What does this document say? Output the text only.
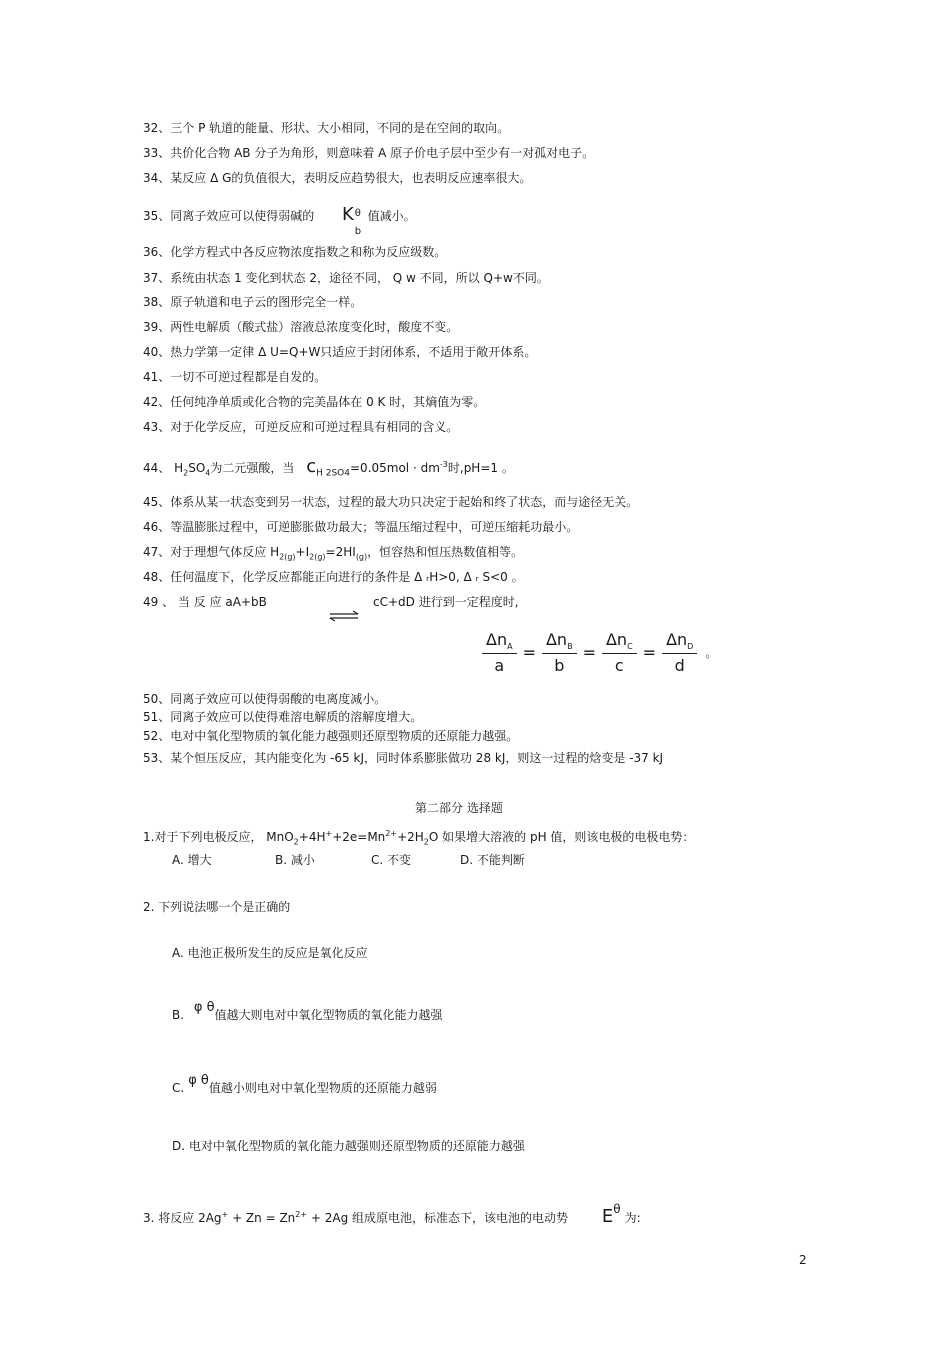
32、三个 P 轨道的能量、形状、大小相同，不同的是在空间的取向。
33、共价化合物 AB 分子为角形，则意味着 A 原子价电子层中至少有一对孤对电子。
34、某反应 Δ G的负值很大，表明反应趋势很大，也表明反应速率很大。
35、同离子效应可以使得弱碱的 K θ
b
值减小。
36、化学方程式中各反应物浓度指数之和称为反应级数。
37、系统由状态 1 变化到状态 2，途径不同， Q w 不同，所以 Q+w不同。
38、原子轨道和电子云的图形完全一样。
39、两性电解质（酸式盐）溶液总浓度变化时，酸度不变。
40、热力学第一定律 Δ U=Q+W只适应于封闭体系，不适用于敞开体系。
41、一切不可逆过程都是自发的。
42、任何纯净单质或化合物的完美晶体在 0 K 时，其熵值为零。
43、对于化学反应，可逆反应和可逆过程具有相同的含义。
44、 $H_2SO_4$为二元强酸，当 $c_{H 2SO4}=0.05mol \cdot dm^{-3}$时,pH=1 。
45、体系从某一状态变到另一状态，过程的最大功只决定于起始和终了状态，而与途径无关。
46、等温膨胀过程中，可逆膨胀做功最大；等温压缩过程中，可逆压缩耗功最小。
47、对于理想气体反应 $H_{2(g)}+I_{2(g)}=2HI_{(g)}$，恒容热和恒压热数值相等。
48、任何温度下，化学反应都能正向进行的条件是 Δ ᵣH>0, Δ ᵣ S<0 。
49 、 当 反 应 aA+bB	cC+dD 进行到一定程度时,
$\frac{\Delta n_A}{a} = \frac{\Delta n_B}{b} = \frac{\Delta n_C}{c} = \frac{\Delta n_D}{d}$ 。
50、同离子效应可以使得弱酸的电离度减小。
51、同离子效应可以使得难溶电解质的溶解度增大。
52、电对中氧化型物质的氧化能力越强则还原型物质的还原能力越强。
53、某个恒压反应，其内能变化为 -65 kJ，同时体系膨胀做功 28 kJ，则这一过程的焓变是 -37 kJ
第二部分 选择题
1.对于下列电极反应， $MnO_2+4H^++2e=Mn^{2+}+2H_2O$ 如果增大溶液的 pH 值，则该电极的电极电势：
A. 增大	B. 减小	C. 不变	D. 不能判断
2. 下列说法哪一个是正确的
A. 电池正极所发生的反应是氧化反应
B. φ θ值越大则电对中氧化型物质的氧化能力越强
C. φ θ值越小则电对中氧化型物质的还原能力越弱
D. 电对中氧化型物质的氧化能力越强则还原型物质的还原能力越强
3. 将反应 $2Ag^+ + Zn = Zn^{2+} + 2Ag$ 组成原电池，标准态下，该电池的电动势 $E^\theta$为:
2
